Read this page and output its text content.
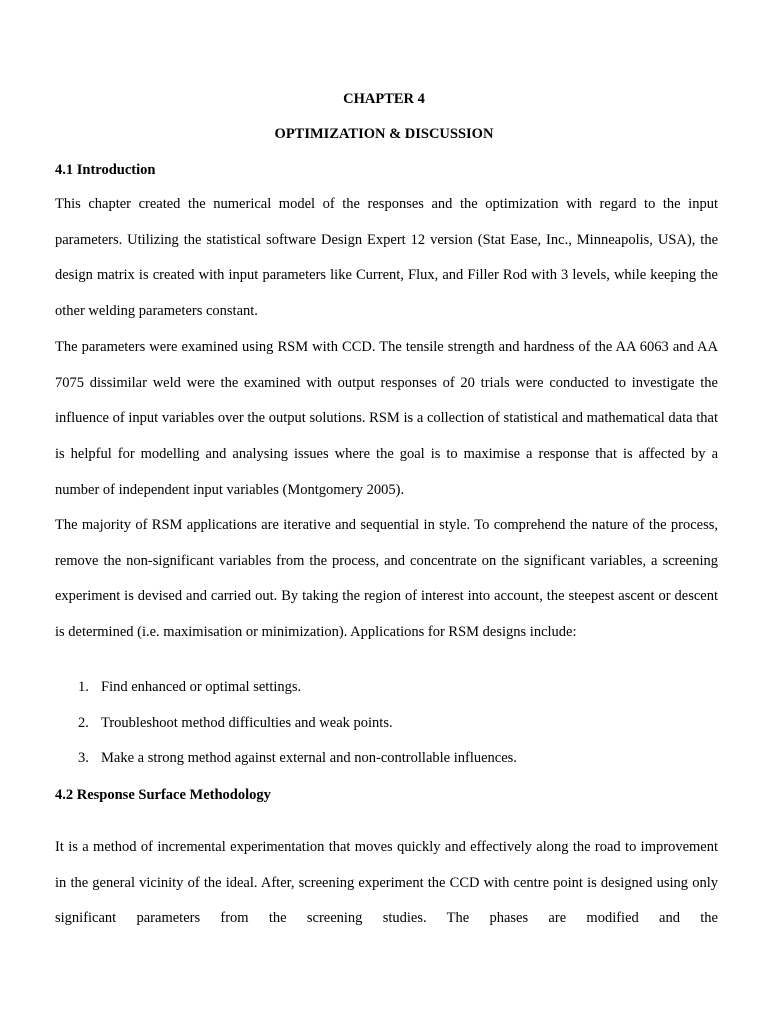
CHAPTER 4

OPTIMIZATION & DISCUSSION

4.1 Introduction

This chapter created the numerical model of the responses and the optimization with regard to the input parameters. Utilizing the statistical software Design Expert 12 version (Stat Ease, Inc., Minneapolis, USA), the design matrix is created with input parameters like Current, Flux, and Filler Rod with 3 levels, while keeping the other welding parameters constant.

The parameters were examined using RSM with CCD. The tensile strength and hardness of the AA 6063 and AA 7075 dissimilar weld were the examined with output responses of 20 trials were conducted to investigate the influence of input variables over the output solutions. RSM is a collection of statistical and mathematical data that is helpful for modelling and analysing issues where the goal is to maximise a response that is affected by a number of independent input variables (Montgomery 2005).

The majority of RSM applications are iterative and sequential in style. To comprehend the nature of the process, remove the non-significant variables from the process, and concentrate on the significant variables, a screening experiment is devised and carried out. By taking the region of interest into account, the steepest ascent or descent is determined (i.e. maximisation or minimization). Applications for RSM designs include:

1. Find enhanced or optimal settings.
2. Troubleshoot method difficulties and weak points.
3. Make a strong method against external and non-controllable influences.

4.2 Response Surface Methodology

It is a method of incremental experimentation that moves quickly and effectively along the road to improvement in the general vicinity of the ideal. After, screening experiment the CCD with centre point is designed using only significant parameters from the screening studies. The phases are modified and the
